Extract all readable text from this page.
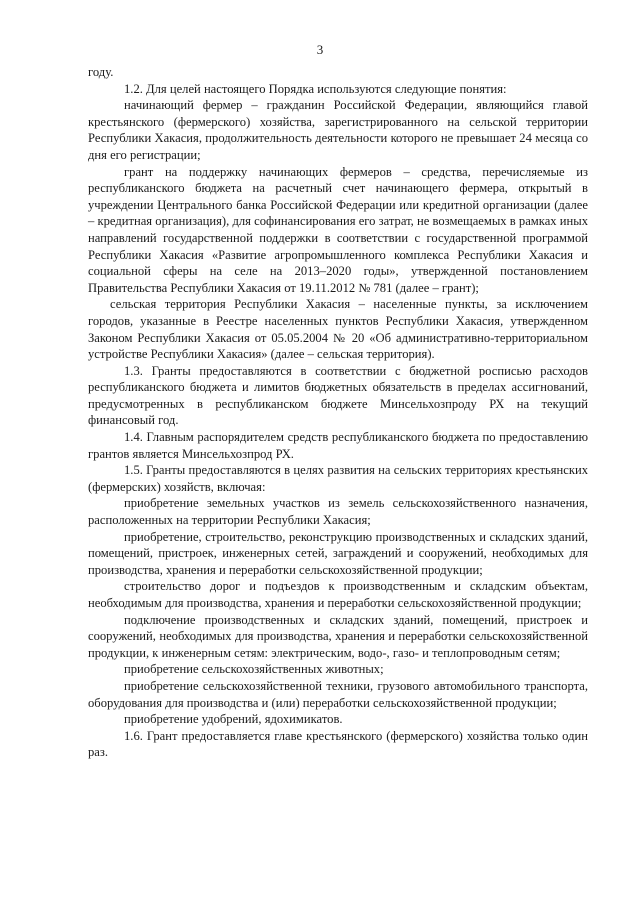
3

году.

1.2. Для целей настоящего Порядка используются следующие понятия:

начинающий фермер – гражданин Российской Федерации, являющийся главой крестьянского (фермерского) хозяйства, зарегистрированного на сельской территории Республики Хакасия, продолжительность деятельности которого не превышает 24 месяца со дня его регистрации;

грант на поддержку начинающих фермеров – средства, перечисляемые из республиканского бюджета на расчетный счет начинающего фермера, открытый в учреждении Центрального банка Российской Федерации или кредитной организации (далее – кредитная организация), для софинансирования его затрат, не возмещаемых в рамках иных направлений государственной поддержки в соответствии с государственной программой Республики Хакасия «Развитие агропромышленного комплекса Республики Хакасия и социальной сферы на селе на 2013–2020 годы», утвержденной постановлением Правительства Республики Хакасия от 19.11.2012 № 781 (далее – грант);

сельская территория Республики Хакасия – населенные пункты, за исключением городов, указанные в Реестре населенных пунктов Республики Хакасия, утвержденном Законом Республики Хакасия от 05.05.2004 № 20 «Об административно-территориальном устройстве Республики Хакасия» (далее – сельская территория).

1.3. Гранты предоставляются в соответствии с бюджетной росписью расходов республиканского бюджета и лимитов бюджетных обязательств в пределах ассигнований, предусмотренных в республиканском бюджете Минсельхозпроду РХ на текущий финансовый год.

1.4. Главным распорядителем средств республиканского бюджета по предоставлению грантов является Минсельхозпрод РХ.

1.5. Гранты предоставляются в целях развития на сельских территориях крестьянских (фермерских) хозяйств, включая:

приобретение земельных участков из земель сельскохозяйственного назначения, расположенных на территории Республики Хакасия;

приобретение, строительство, реконструкцию производственных и складских зданий, помещений, пристроек, инженерных сетей, заграждений и сооружений, необходимых для производства, хранения и переработки сельскохозяйственной продукции;

строительство дорог и подъездов к производственным и складским объектам, необходимым для производства, хранения и переработки сельскохозяйственной продукции;

подключение производственных и складских зданий, помещений, пристроек и сооружений, необходимых для производства, хранения и переработки сельскохозяйственной продукции, к инженерным сетям: электрическим, водо-, газо- и теплопроводным сетям;

приобретение сельскохозяйственных животных;

приобретение сельскохозяйственной техники, грузового автомобильного транспорта, оборудования для производства и (или) переработки сельскохозяйственной продукции;

приобретение удобрений, ядохимикатов.

1.6. Грант предоставляется главе крестьянского (фермерского) хозяйства только один раз.
